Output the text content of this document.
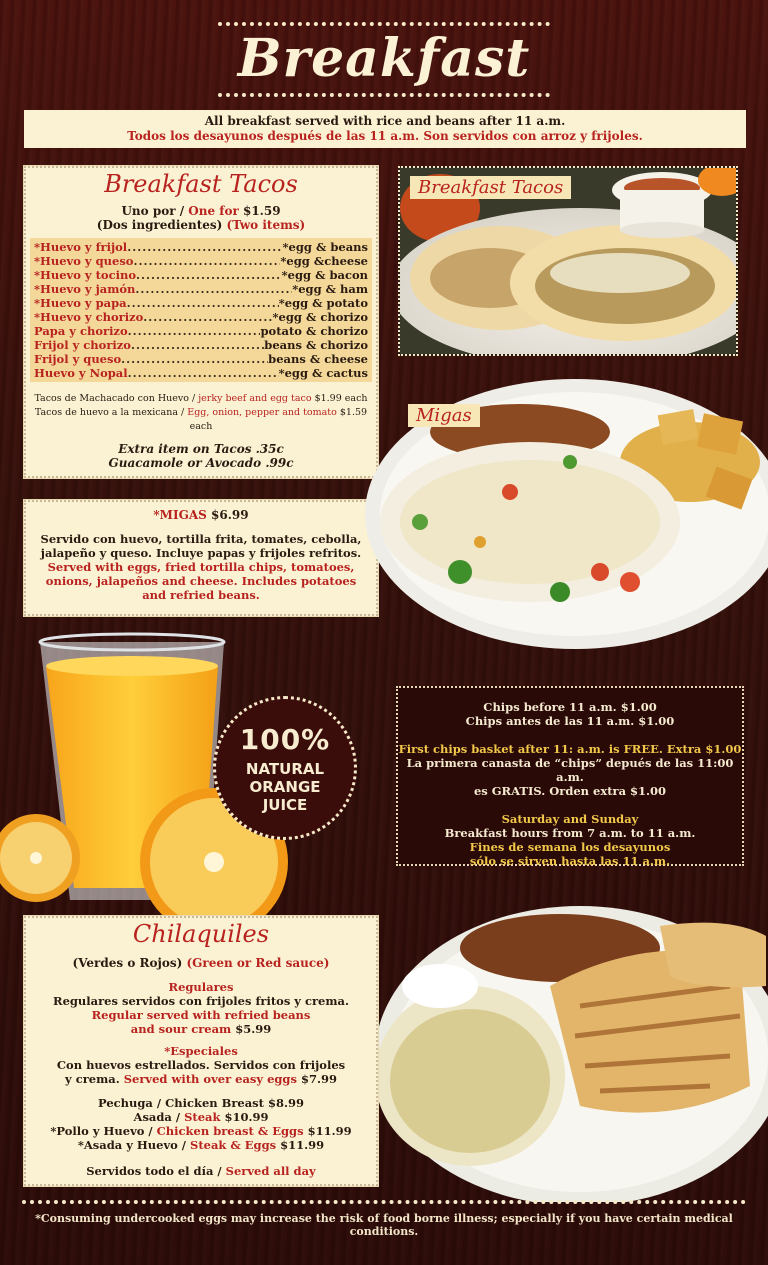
Breakfast
All breakfast served with rice and beans after 11 a.m.
Todos los desayunos después de las 11 a.m. Son servidos con arroz y frijoles.
Breakfast Tacos
Uno por / One for $1.59
(Dos ingredientes) (Two items)
*Huevo y frijol .....	*egg & beans
*Huevo y queso .....	*egg &cheese
*Huevo y tocino .....	*egg & bacon
*Huevo y jamón .....	*egg & ham
*Huevo y papa .....	*egg & potato
*Huevo y chorizo .....	*egg & chorizo
Papa y chorizo .....	potato & chorizo
Frijol y chorizo .....	beans & chorizo
Frijol y queso .....	beans & cheese
Huevo y Nopal .....	*egg & cactus
Tacos de Machacado con Huevo / jerky beef and egg taco $1.99 each
Tacos de huevo a la mexicana / Egg, onion, pepper and tomato $1.59 each
Extra item on Tacos .35c
Guacamole or Avocado .99c
*MIGAS $6.99
Servido con huevo, tortilla frita, tomates, cebolla, jalapeño y queso. Incluye papas y frijoles refritos.
Served with eggs, fried tortilla chips, tomatoes, onions, jalapeños and cheese. Includes potatoes and refried beans.
Breakfast Tacos
Migas
100%
NATURAL
ORANGE
JUICE
Chips before 11 a.m. $1.00
Chips antes de las 11 a.m. $1.00
First chips basket after 11: a.m. is FREE. Extra $1.00
La primera canasta de “chips” depués de las 11:00 a.m.
es GRATIS. Orden extra $1.00
Saturday and Sunday
Breakfast hours from 7 a.m. to 11 a.m.
Fines de semana los desayunos
sólo se sirven hasta las 11 a.m.
Chilaquiles
(Verdes o Rojos) (Green or Red sauce)
Regulares
Regulares servidos con frijoles fritos y crema.
Regular served with refried beans
and sour cream $5.99
*Especiales
Con huevos estrellados. Servidos con frijoles
y crema. Served with over easy eggs $7.99
Pechuga / Chicken Breast $8.99
Asada / Steak $10.99
*Pollo y Huevo / Chicken breast & Eggs $11.99
*Asada y Huevo / Steak & Eggs $11.99
Servidos todo el día / Served all day
*Consuming undercooked eggs may increase the risk of food borne illness; especially if you have certain medical conditions.
